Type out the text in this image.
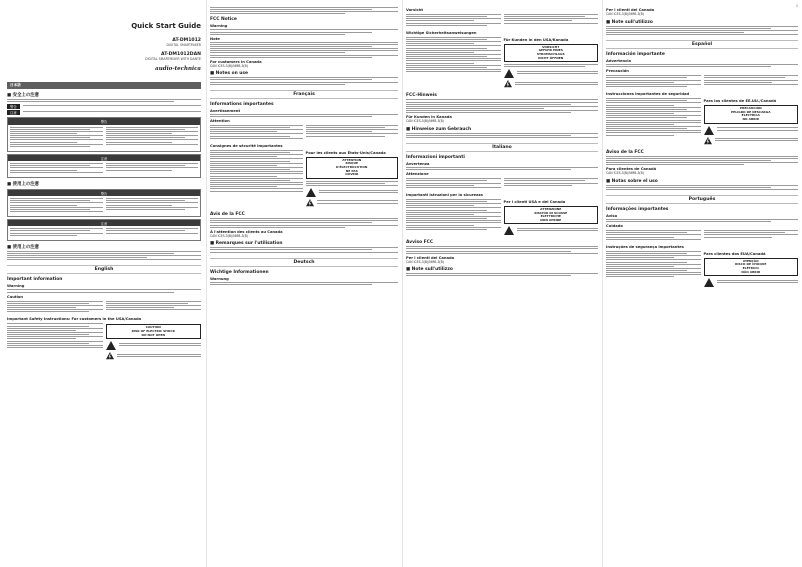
Quick Start Guide

AT-DM1012

DIGITAL SMARTMIXER

AT-DM1012DAN

DIGITAL SMARTMIXER WITH DANTE

audio-technica

日本語
■ 安全上の注意
警告
注意
警告
注意
■ 使用上の注意
警告
注意
■ 使用上の注意
English
Important information
Warning
Caution
Important Safety Instructions: For customers in the USA/Canada
CAUTION
RISK OF ELECTRIC SHOCK
DO NOT OPEN
FCC Notice
Warning
Note
For customers in Canada
CAN ICES-3(B)/NMB-3(B)
■ Notes on use
Français
Informations importantes
Avertissement
Attention
Consignes de sécurité importantes
Pour les clients aux États-Unis/Canada
ATTENTION
RISQUE
D'ÉLECTROCUTION
NE PAS
OUVRIR
Avis de la FCC
À l'attention des clients au Canada
CAN ICES-3(B)/NMB-3(B)
■ Remarques sur l'utilisation
Deutsch
Wichtige Informationen
Warnung
Vorsicht
Wichtige Sicherheitsanweisungen
Für Kunden in den USA/Kanada
VORSICHT
GEFAHR EINES
STROMSCHLAGS
NICHT ÖFFNEN
FCC-Hinweis
Für Kunden in Kanada
CAN ICES-3(B)/NMB-3(B)
■ Hinweise zum Gebrauch
Italiano
Informazioni importanti
Avvertenza
Attenzione
Importanti istruzioni per la sicurezza
Per i clienti USA e del Canada
ATTENZIONE
RISCHIO DI SCOSSE
ELETTRICHE
NON APRIRE
Avviso FCC
Per i clienti del Canada
CAN ICES-3(B)/NMB-3(B)
■ Note sull'utilizzo
1
Per i clienti del Canada
CAN ICES-3(B)/NMB-3(B)
■ Note sull'utilizzo
Español
Información importante
Advertencia
Precaución
Instrucciones importantes de seguridad
Para los clientes de EE.UU./Canadá
PRECAUCIÓN
PELIGRO DE DESCARGA
ELÉCTRICA
NO ABRIR
Aviso de la FCC
Para clientes de Canadá
CAN ICES-3(B)/NMB-3(B)
■ Notas sobre el uso
Português
Informações importantes
Aviso
Cuidado
Instruções de segurança importantes
Para clientes dos EUA/Canadá
ATENÇÃO
RISCO DE CHOQUE
ELÉTRICO
NÃO ABRIR
